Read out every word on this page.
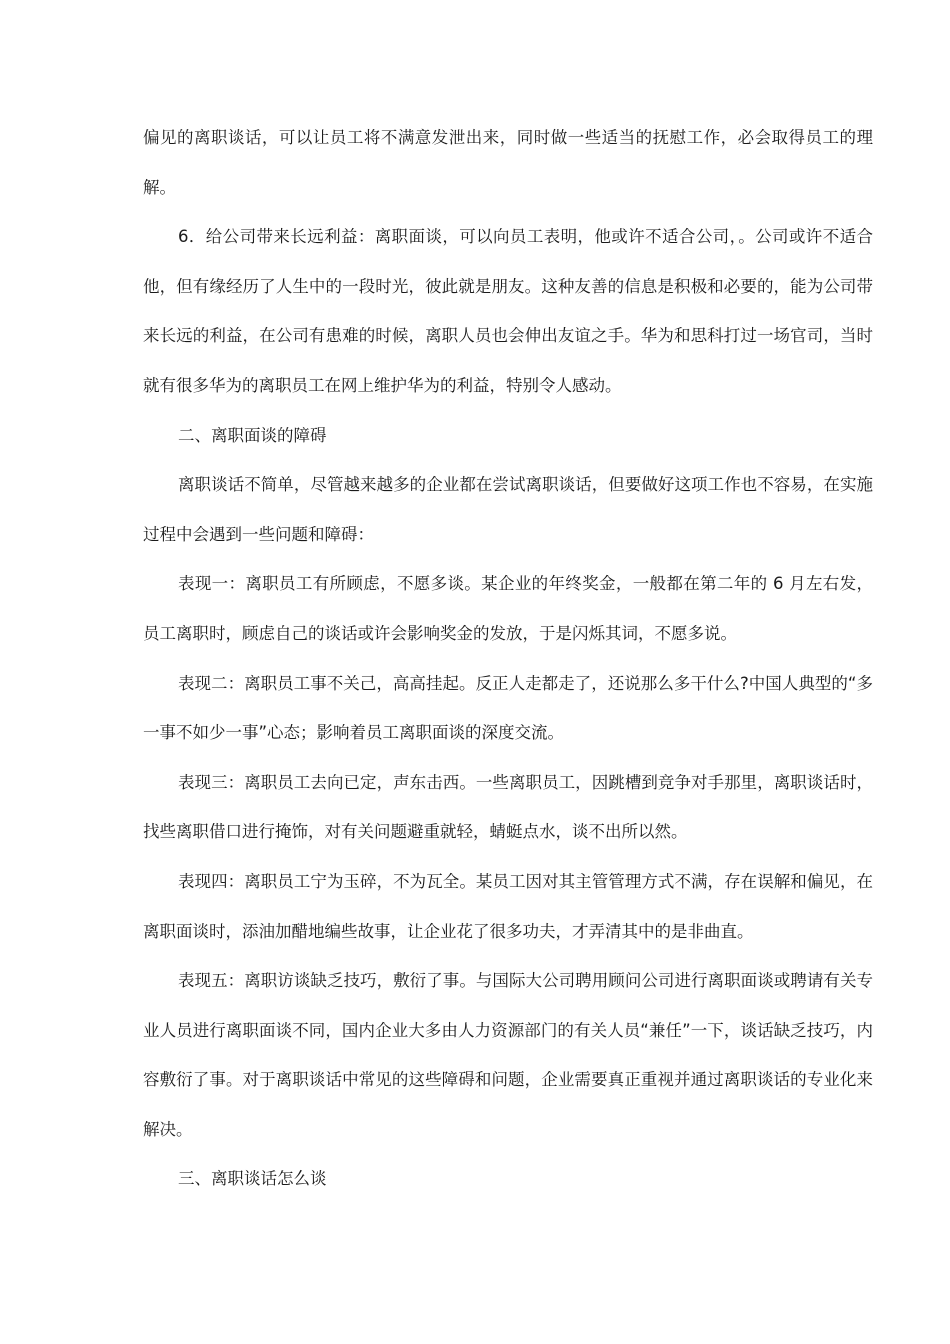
偏见的离职谈话，可以让员工将不满意发泄出来，同时做一些适当的抚慰工作，必会取得员工的理解。

6．给公司带来长远利益：离职面谈，可以向员工表明，他或许不适合公司，。公司或许不适合他，但有缘经历了人生中的一段时光，彼此就是朋友。这种友善的信息是积极和必要的，能为公司带来长远的利益，在公司有患难的时候，离职人员也会伸出友谊之手。华为和思科打过一场官司，当时就有很多华为的离职员工在网上维护华为的利益，特别令人感动。

二、离职面谈的障碍

离职谈话不简单，尽管越来越多的企业都在尝试离职谈话，但要做好这项工作也不容易，在实施过程中会遇到一些问题和障碍：

表现一：离职员工有所顾虑，不愿多谈。某企业的年终奖金，一般都在第二年的 6 月左右发，员工离职时，顾虑自己的谈话或许会影响奖金的发放，于是闪烁其词，不愿多说。

表现二：离职员工事不关己，高高挂起。反正人走都走了，还说那么多干什么?中国人典型的“多一事不如少一事”心态；影响着员工离职面谈的深度交流。

表现三：离职员工去向已定，声东击西。一些离职员工，因跳槽到竞争对手那里，离职谈话时，找些离职借口进行掩饰，对有关问题避重就轻，蜻蜓点水，谈不出所以然。

表现四：离职员工宁为玉碎，不为瓦全。某员工因对其主管管理方式不满，存在误解和偏见，在离职面谈时，添油加醋地编些故事，让企业花了很多功夫，才弄清其中的是非曲直。

表现五：离职访谈缺乏技巧，敷衍了事。与国际大公司聘用顾问公司进行离职面谈或聘请有关专业人员进行离职面谈不同，国内企业大多由人力资源部门的有关人员“兼任”一下，谈话缺乏技巧，内容敷衍了事。对于离职谈话中常见的这些障碍和问题，企业需要真正重视并通过离职谈话的专业化来解决。

三、离职谈话怎么谈
